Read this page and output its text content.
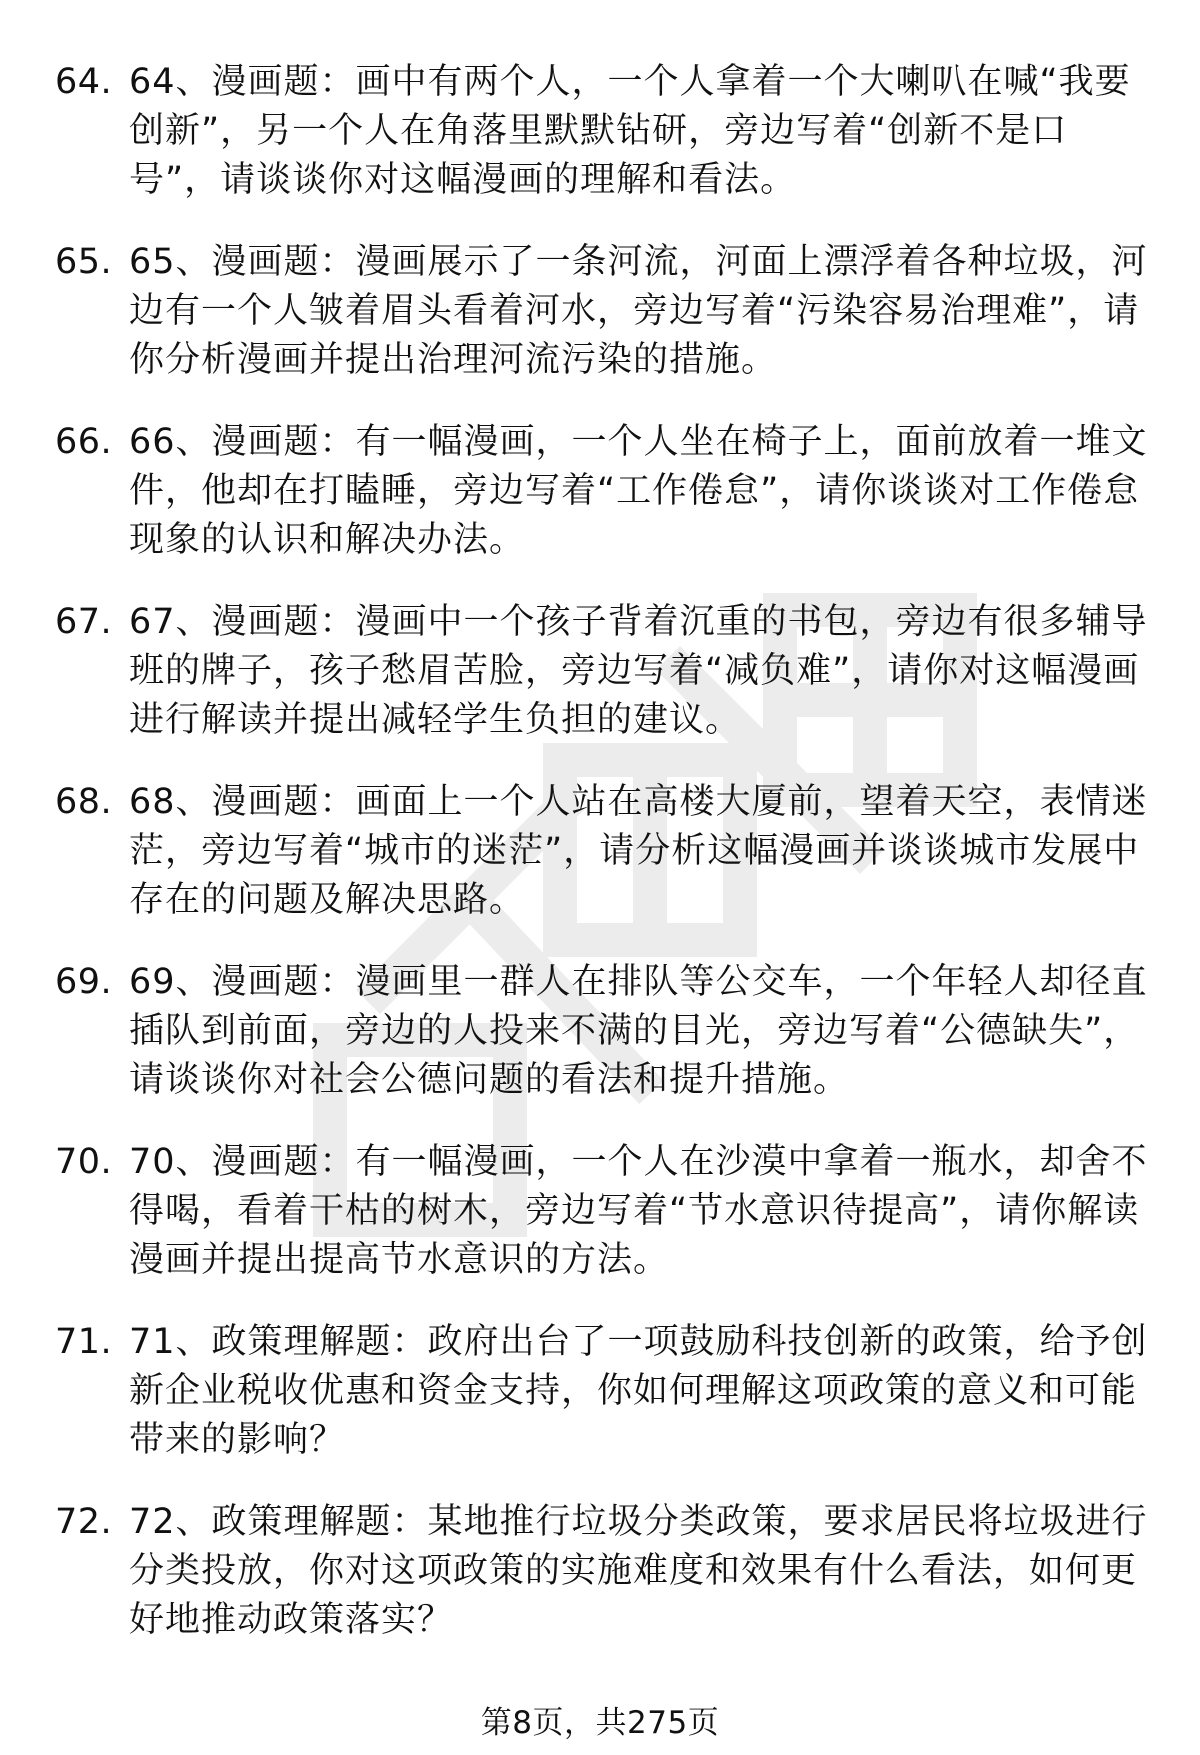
64. 64、漫画题：画中有两个人，一个人拿着一个大喇叭在喊“我要创新”，另一个人在角落里默默钻研，旁边写着“创新不是口号”，请谈谈你对这幅漫画的理解和看法。
65. 65、漫画题：漫画展示了一条河流，河面上漂浮着各种垃圾，河边有一个人皱着眉头看着河水，旁边写着“污染容易治理难”，请你分析漫画并提出治理河流污染的措施。
66. 66、漫画题：有一幅漫画，一个人坐在椅子上，面前放着一堆文件，他却在打瞌睡，旁边写着“工作倦怠”，请你谈谈对工作倦怠现象的认识和解决办法。
67. 67、漫画题：漫画中一个孩子背着沉重的书包，旁边有很多辅导班的牌子，孩子愁眉苦脸，旁边写着“减负难”，请你对这幅漫画进行解读并提出减轻学生负担的建议。
68. 68、漫画题：画面上一个人站在高楼大厦前，望着天空，表情迷茫，旁边写着“城市的迷茫”，请分析这幅漫画并谈谈城市发展中存在的问题及解决思路。
69. 69、漫画题：漫画里一群人在排队等公交车，一个年轻人却径直插队到前面，旁边的人投来不满的目光，旁边写着“公德缺失”，请谈谈你对社会公德问题的看法和提升措施。
70. 70、漫画题：有一幅漫画，一个人在沙漠中拿着一瓶水，却舍不得喝，看着干枯的树木，旁边写着“节水意识待提高”，请你解读漫画并提出提高节水意识的方法。
71. 71、政策理解题：政府出台了一项鼓励科技创新的政策，给予创新企业税收优惠和资金支持，你如何理解这项政策的意义和可能带来的影响？
72. 72、政策理解题：某地推行垃圾分类政策，要求居民将垃圾进行分类投放，你对这项政策的实施难度和效果有什么看法，如何更好地推动政策落实？
第8页，共275页
